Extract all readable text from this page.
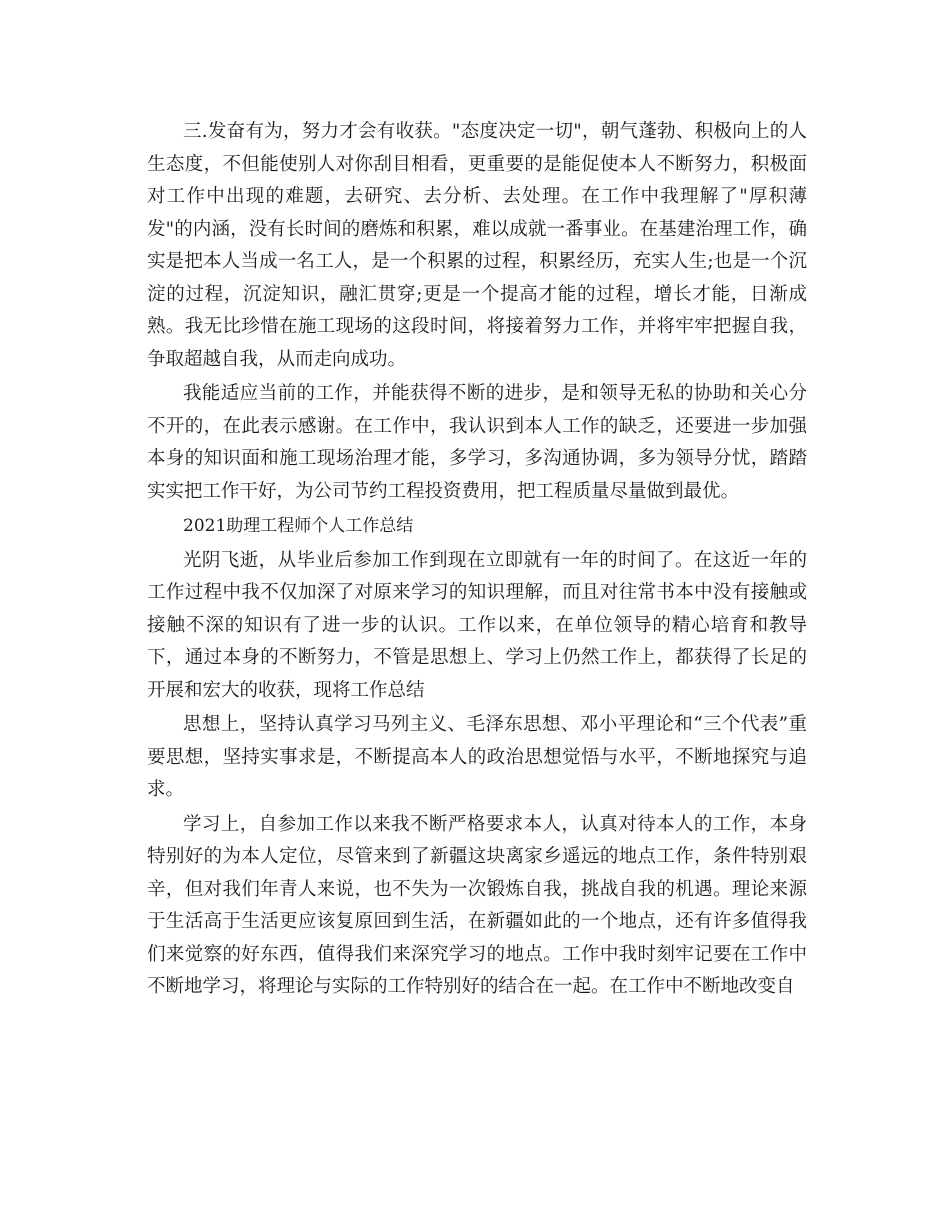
三.发奋有为，努力才会有收获。"态度决定一切"，朝气蓬勃、积极向上的人生态度，不但能使别人对你刮目相看，更重要的是能促使本人不断努力，积极面对工作中出现的难题，去研究、去分析、去处理。在工作中我理解了"厚积薄发"的内涵，没有长时间的磨炼和积累，难以成就一番事业。在基建治理工作，确实是把本人当成一名工人，是一个积累的过程，积累经历，充实人生;也是一个沉淀的过程，沉淀知识，融汇贯穿;更是一个提高才能的过程，增长才能，日渐成熟。我无比珍惜在施工现场的这段时间，将接着努力工作，并将牢牢把握自我，争取超越自我，从而走向成功。

我能适应当前的工作，并能获得不断的进步，是和领导无私的协助和关心分不开的，在此表示感谢。在工作中，我认识到本人工作的缺乏，还要进一步加强本身的知识面和施工现场治理才能，多学习，多沟通协调，多为领导分忧，踏踏实实把工作干好，为公司节约工程投资费用，把工程质量尽量做到最优。

2021助理工程师个人工作总结

光阴飞逝，从毕业后参加工作到现在立即就有一年的时间了。在这近一年的工作过程中我不仅加深了对原来学习的知识理解，而且对往常书本中没有接触或接触不深的知识有了进一步的认识。工作以来，在单位领导的精心培育和教导下，通过本身的不断努力，不管是思想上、学习上仍然工作上，都获得了长足的开展和宏大的收获，现将工作总结

思想上，坚持认真学习马列主义、毛泽东思想、邓小平理论和“三个代表”重要思想，坚持实事求是，不断提高本人的政治思想觉悟与水平，不断地探究与追求。

学习上，自参加工作以来我不断严格要求本人，认真对待本人的工作，本身特别好的为本人定位，尽管来到了新疆这块离家乡遥远的地点工作，条件特别艰辛，但对我们年青人来说，也不失为一次锻炼自我，挑战自我的机遇。理论来源于生活高于生活更应该复原回到生活，在新疆如此的一个地点，还有许多值得我们来觉察的好东西，值得我们来深究学习的地点。工作中我时刻牢记要在工作中不断地学习，将理论与实际的工作特别好的结合在一起。在工作中不断地改变自
